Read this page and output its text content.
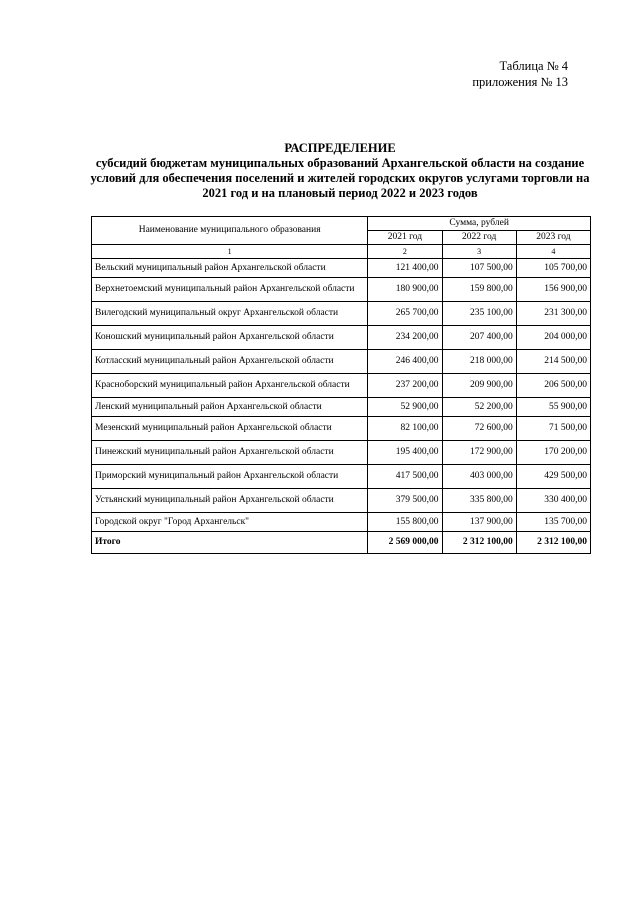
Таблица № 4
приложения № 13
РАСПРЕДЕЛЕНИЕ
субсидий бюджетам муниципальных образований Архангельской области на создание условий для обеспечения поселений и жителей городских округов услугами торговли на 2021 год и на плановый период 2022 и 2023 годов
Наименование муниципального образования	Сумма, рублей		
	2021 год	2022 год	2023 год
1	2	3	4
Вельский муниципальный район Архангельской области	121 400,00	107 500,00	105 700,00
Верхнетоемский муниципальный район Архангельской области	180 900,00	159 800,00	156 900,00
Вилегодский муниципальный округ Архангельской области	265 700,00	235 100,00	231 300,00
Коношский муниципальный район Архангельской области	234 200,00	207 400,00	204 000,00
Котласский муниципальный район Архангельской области	246 400,00	218 000,00	214 500,00
Красноборский муниципальный район Архангельской области	237 200,00	209 900,00	206 500,00
Ленский муниципальный район Архангельской области	52 900,00	52 200,00	55 900,00
Мезенский муниципальный район Архангельской области	82 100,00	72 600,00	71 500,00
Пинежский муниципальный район Архангельской области	195 400,00	172 900,00	170 200,00
Приморский муниципальный район Архангельской области	417 500,00	403 000,00	429 500,00
Устьянский муниципальный район Архангельской области	379 500,00	335 800,00	330 400,00
Городской округ "Город Архангельск"	155 800,00	137 900,00	135 700,00
Итого	2 569 000,00	2 312 100,00	2 312 100,00
